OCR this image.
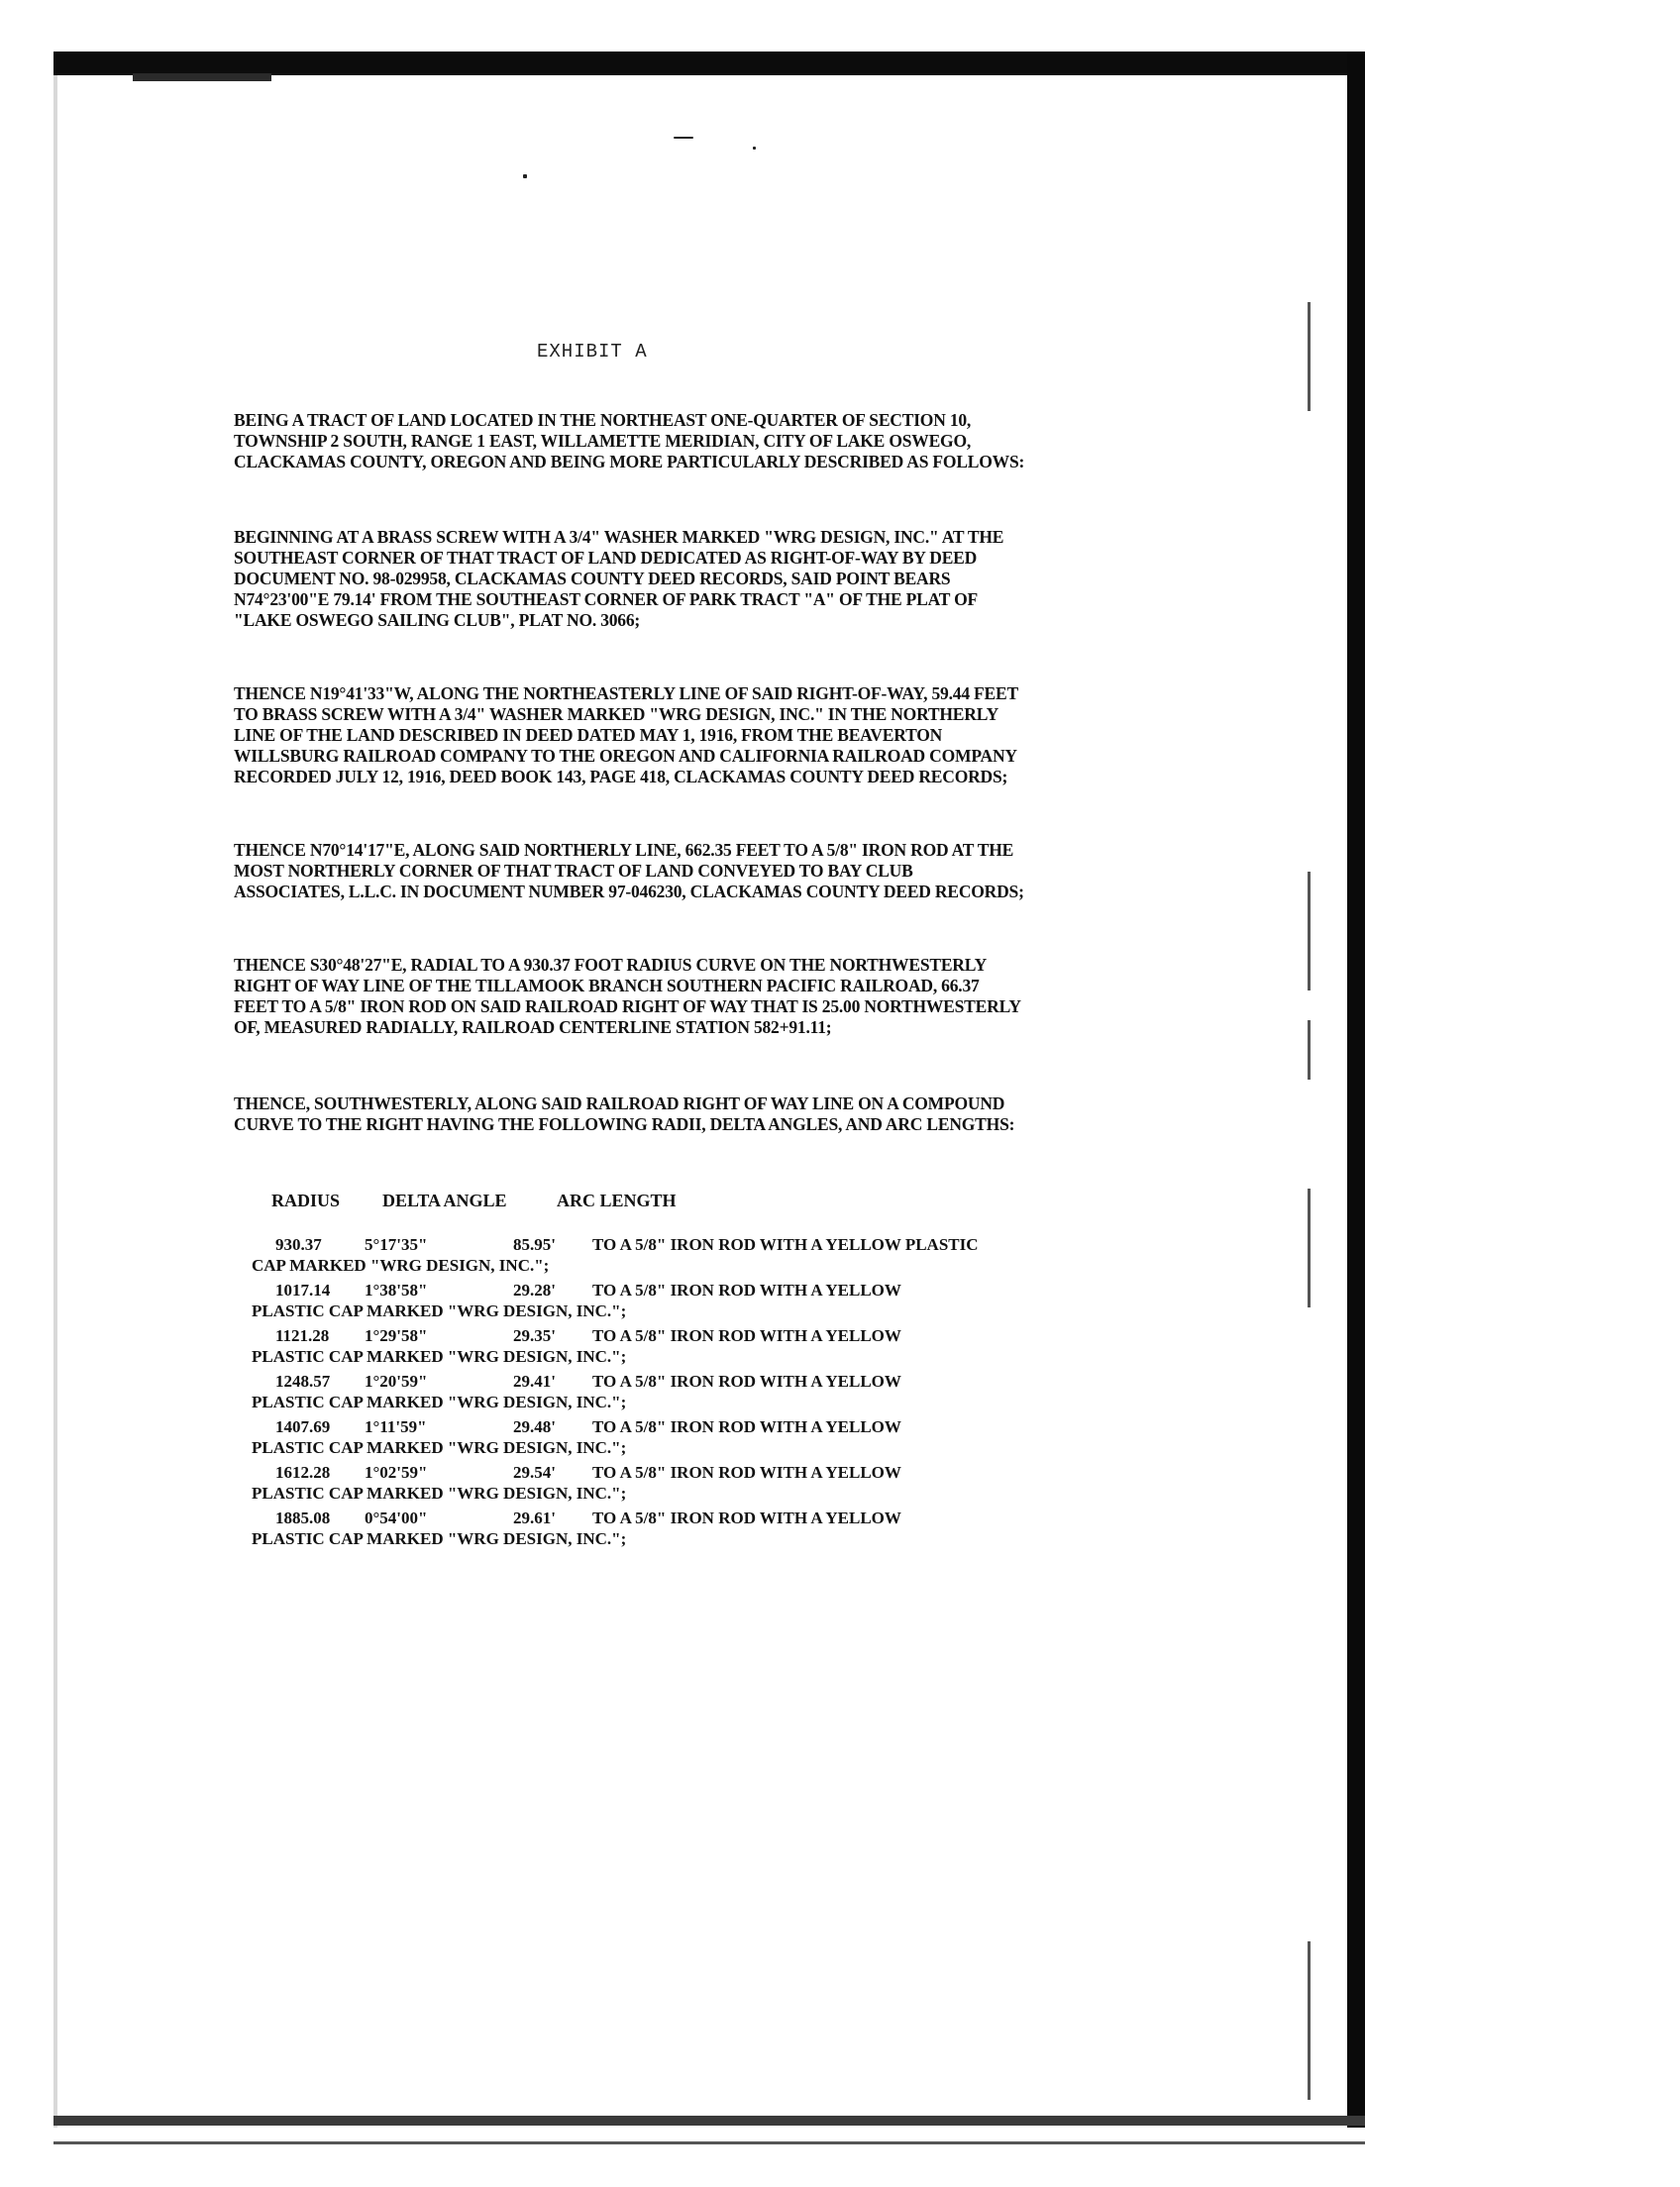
EXHIBIT A

BEING A TRACT OF LAND LOCATED IN THE NORTHEAST ONE-QUARTER OF SECTION 10, TOWNSHIP 2 SOUTH, RANGE 1 EAST, WILLAMETTE MERIDIAN, CITY OF LAKE OSWEGO, CLACKAMAS COUNTY, OREGON AND BEING MORE PARTICULARLY DESCRIBED AS FOLLOWS:

BEGINNING AT A BRASS SCREW WITH A 3/4" WASHER MARKED "WRG DESIGN, INC." AT THE SOUTHEAST CORNER OF THAT TRACT OF LAND DEDICATED AS RIGHT-OF-WAY BY DEED DOCUMENT NO. 98-029958, CLACKAMAS COUNTY DEED RECORDS, SAID POINT BEARS N74°23'00"E 79.14' FROM THE SOUTHEAST CORNER OF PARK TRACT "A" OF THE PLAT OF "LAKE OSWEGO SAILING CLUB", PLAT NO. 3066;

THENCE N19°41'33"W, ALONG THE NORTHEASTERLY LINE OF SAID RIGHT-OF-WAY, 59.44 FEET TO BRASS SCREW WITH A 3/4" WASHER MARKED "WRG DESIGN, INC." IN THE NORTHERLY LINE OF THE LAND DESCRIBED IN DEED DATED MAY 1, 1916, FROM THE BEAVERTON WILLSBURG RAILROAD COMPANY TO THE OREGON AND CALIFORNIA RAILROAD COMPANY RECORDED JULY 12, 1916, DEED BOOK 143, PAGE 418, CLACKAMAS COUNTY DEED RECORDS;

THENCE N70°14'17"E, ALONG SAID NORTHERLY LINE, 662.35 FEET TO A 5/8" IRON ROD AT THE MOST NORTHERLY CORNER OF THAT TRACT OF LAND CONVEYED TO BAY CLUB ASSOCIATES, L.L.C. IN DOCUMENT NUMBER 97-046230, CLACKAMAS COUNTY DEED RECORDS;

THENCE S30°48'27"E, RADIAL TO A 930.37 FOOT RADIUS CURVE ON THE NORTHWESTERLY RIGHT OF WAY LINE OF THE TILLAMOOK BRANCH SOUTHERN PACIFIC RAILROAD, 66.37 FEET TO A 5/8" IRON ROD ON SAID RAILROAD RIGHT OF WAY THAT IS 25.00 NORTHWESTERLY OF, MEASURED RADIALLY, RAILROAD CENTERLINE STATION 582+91.11;

THENCE, SOUTHWESTERLY, ALONG SAID RAILROAD RIGHT OF WAY LINE ON A COMPOUND CURVE TO THE RIGHT HAVING THE FOLLOWING RADII, DELTA ANGLES, AND ARC LENGTHS:

RADIUS	DELTA ANGLE	ARC LENGTH
930.37	5°17'35"	85.95'	TO A 5/8" IRON ROD WITH A YELLOW PLASTIC
CAP MARKED "WRG DESIGN, INC.";
1017.14	1°38'58"	29.28'	TO A 5/8" IRON ROD WITH A YELLOW
PLASTIC CAP MARKED "WRG DESIGN, INC.";
1121.28	1°29'58"	29.35'	TO A 5/8" IRON ROD WITH A YELLOW
PLASTIC CAP MARKED "WRG DESIGN, INC.";
1248.57	1°20'59"	29.41'	TO A 5/8" IRON ROD WITH A YELLOW
PLASTIC CAP MARKED "WRG DESIGN, INC.";
1407.69	1°11'59"	29.48'	TO A 5/8" IRON ROD WITH A YELLOW
PLASTIC CAP MARKED "WRG DESIGN, INC.";
1612.28	1°02'59"	29.54'	TO A 5/8" IRON ROD WITH A YELLOW
PLASTIC CAP MARKED "WRG DESIGN, INC.";
1885.08	0°54'00"	29.61'	TO A 5/8" IRON ROD WITH A YELLOW
PLASTIC CAP MARKED "WRG DESIGN, INC.";
